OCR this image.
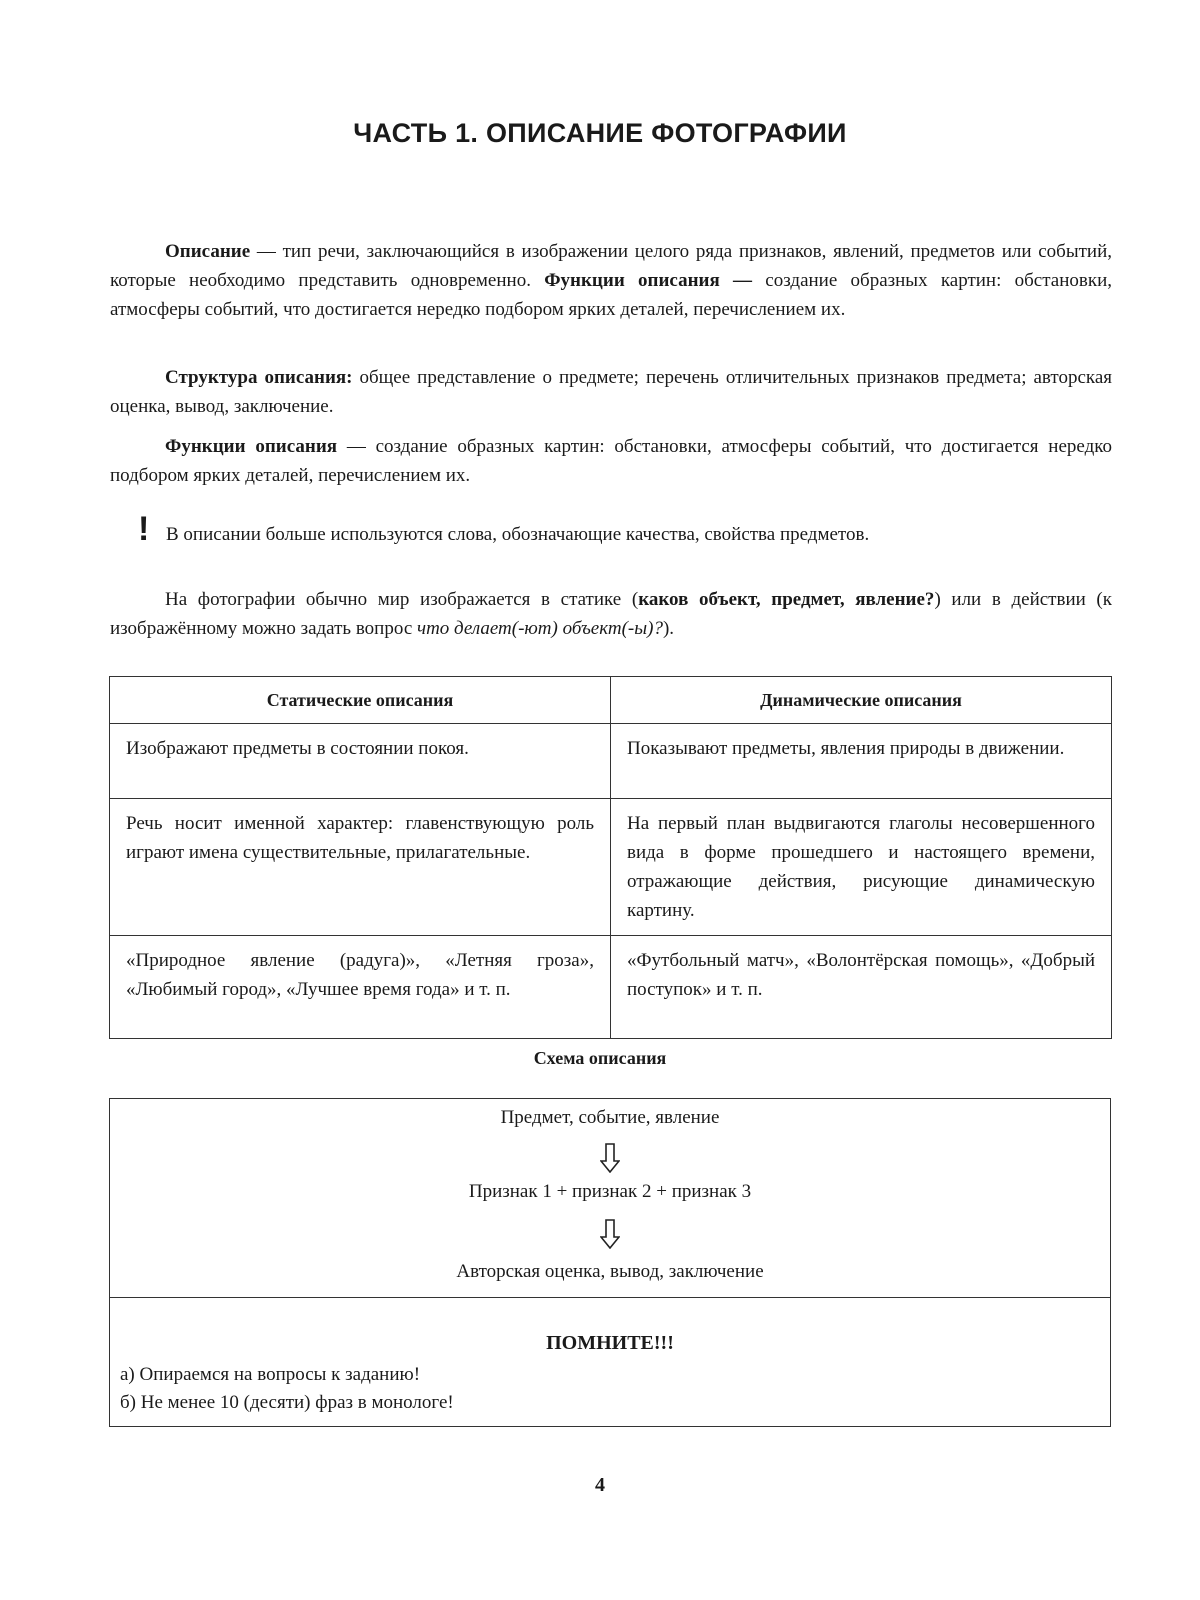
ЧАСТЬ 1. ОПИСАНИЕ ФОТОГРАФИИ

Описание — тип речи, заключающийся в изображении целого ряда признаков, явлений, предметов или событий, которые необходимо представить одновременно. Функции описания — создание образных картин: обстановки, атмосферы событий, что достигается нередко подбором ярких деталей, перечислением их.

Структура описания: общее представление о предмете; перечень отличительных признаков предмета; авторская оценка, вывод, заключение.

Функции описания — создание образных картин: обстановки, атмосферы событий, что достигается нередко подбором ярких деталей, перечислением их.

! В описании больше используются слова, обозначающие качества, свойства предметов.

На фотографии обычно мир изображается в статике (каков объект, предмет, явление?) или в действии (к изображённому можно задать вопрос что делает(-ют) объект(-ы)?).

Статические описания	Динамические описания
Изображают предметы в состоянии покоя.	Показывают предметы, явления природы в движении.
Речь носит именной характер: главенствующую роль играют имена существительные, прилагательные.	На первый план выдвигаются глаголы несовершенного вида в форме прошедшего и настоящего времени, отражающие действия, рисующие динамическую картину.
«Природное явление (радуга)», «Летняя гроза», «Любимый город», «Лучшее время года» и т. п.	«Футбольный матч», «Волонтёрская помощь», «Добрый поступок» и т. п.
Схема описания
Предмет, событие, явление
Признак 1 + признак 2 + признак 3
Авторская оценка, вывод, заключение
ПОМНИТЕ!!!
а) Опираемся на вопросы к заданию!
б) Не менее 10 (десяти) фраз в монологе!
4
